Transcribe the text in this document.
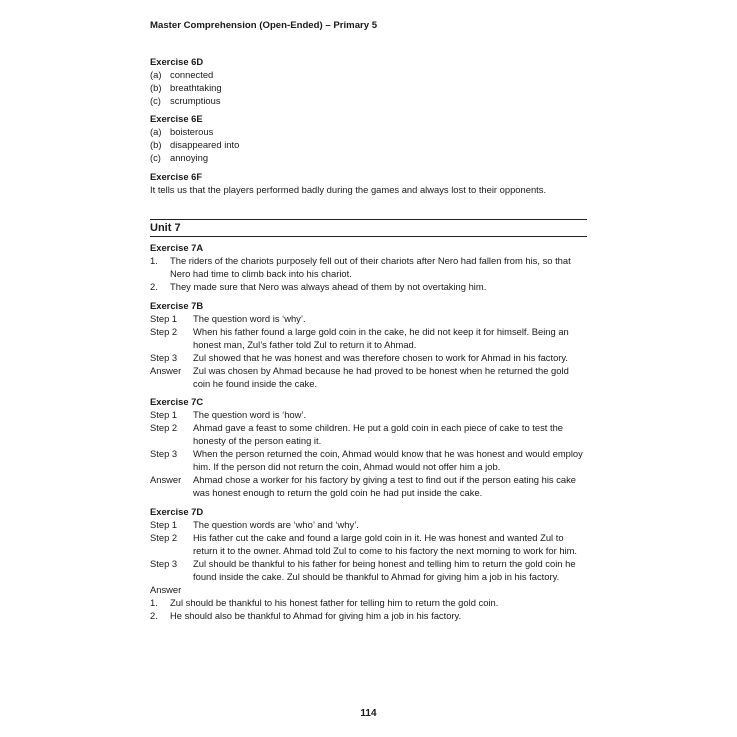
Master Comprehension (Open-Ended) – Primary 5
Exercise 6D
(a) connected
(b) breathtaking
(c) scrumptious
Exercise 6E
(a) boisterous
(b) disappeared into
(c) annoying
Exercise 6F
It tells us that the players performed badly during the games and always lost to their opponents.
Unit 7
Exercise 7A
1.	The riders of the chariots purposely fell out of their chariots after Nero had fallen from his, so that Nero had time to climb back into his chariot.
2.	They made sure that Nero was always ahead of them by not overtaking him.
Exercise 7B
Step 1	The question word is ‘why’.
Step 2	When his father found a large gold coin in the cake, he did not keep it for himself. Being an honest man, Zul’s father told Zul to return it to Ahmad.
Step 3	Zul showed that he was honest and was therefore chosen to work for Ahmad in his factory.
Answer	Zul was chosen by Ahmad because he had proved to be honest when he returned the gold coin he found inside the cake.
Exercise 7C
Step 1	The question word is ‘how’.
Step 2	Ahmad gave a feast to some children. He put a gold coin in each piece of cake to test the honesty of the person eating it.
Step 3	When the person returned the coin, Ahmad would know that he was honest and would employ him. If the person did not return the coin, Ahmad would not offer him a job.
Answer	Ahmad chose a worker for his factory by giving a test to find out if the person eating his cake was honest enough to return the gold coin he had put inside the cake.
Exercise 7D
Step 1	The question words are ‘who’ and ‘why’.
Step 2	His father cut the cake and found a large gold coin in it. He was honest and wanted Zul to return it to the owner. Ahmad told Zul to come to his factory the next morning to work for him.
Step 3	Zul should be thankful to his father for being honest and telling him to return the gold coin he found inside the cake. Zul should be thankful to Ahmad for giving him a job in his factory.
Answer
1.	Zul should be thankful to his honest father for telling him to return the gold coin.
2.	He should also be thankful to Ahmad for giving him a job in his factory.
114
